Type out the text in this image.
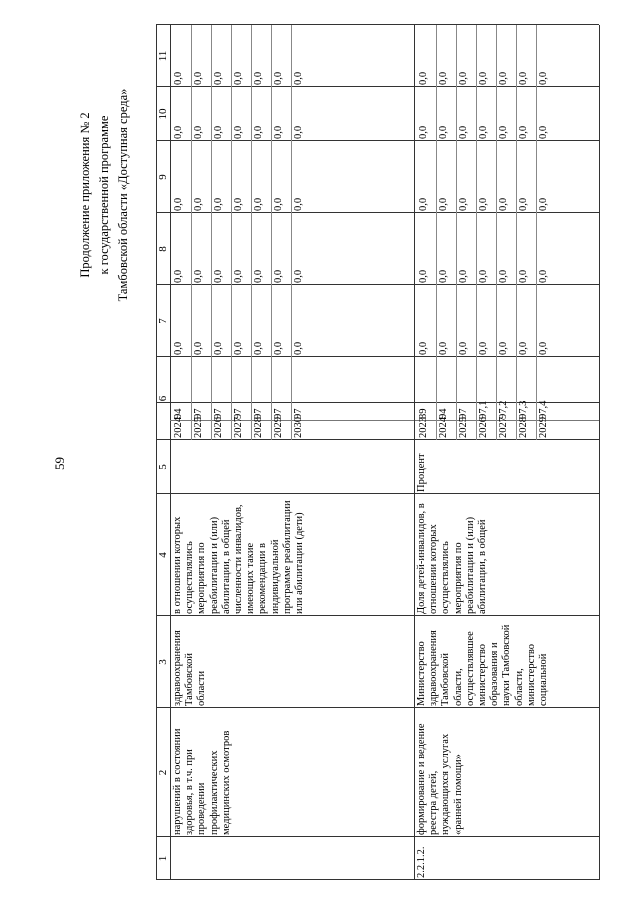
59
Продолжение приложения № 2 к государственной программе Тамбовской области «Доступная среда»
1
2
3
4
5
6
7
8
9
10
11
нарушений в состоянии здоровья, в т.ч. при проведении профилактических медицинских осмотров
здравоохранения Тамбовской области
в отношении которых осуществлялись мероприятия по реабилитации и (или) абилитации, в общей численности инвалидов, имеющих такие рекомендации в индивидуальной программе реабилитации или абилитации (дети)
2.2.1.2.
формирование и ведение реестра детей, нуждающихся услугах «ранней помощи»
Министерство здравоохранения Тамбовской области, осуществлявшее министерство образования и науки Тамбовской области, министерство социальной
Доля детей-инвалидов, в отношении которых осуществлялись мероприятия по реабилитации и (или) абилитации, в общей
Процент
2024
94
0,0
0,0
0,0
0,0
0,0
2025
97
0,0
0,0
0,0
0,0
0,0
2026
97
0,0
0,0
0,0
0,0
0,0
2027
97
0,0
0,0
0,0
0,0
0,0
2028
97
0,0
0,0
0,0
0,0
0,0
2029
97
0,0
0,0
0,0
0,0
0,0
2030
97
0,0
0,0
0,0
0,0
0,0
2023
89
0,0
0,0
0,0
0,0
0,0
2024
94
0,0
0,0
0,0
0,0
0,0
2025
97
0,0
0,0
0,0
0,0
0,0
2026
97,1
0,0
0,0
0,0
0,0
0,0
2027
97,2
0,0
0,0
0,0
0,0
0,0
2028
97,3
0,0
0,0
0,0
0,0
0,0
2029
97,4
0,0
0,0
0,0
0,0
0,0
